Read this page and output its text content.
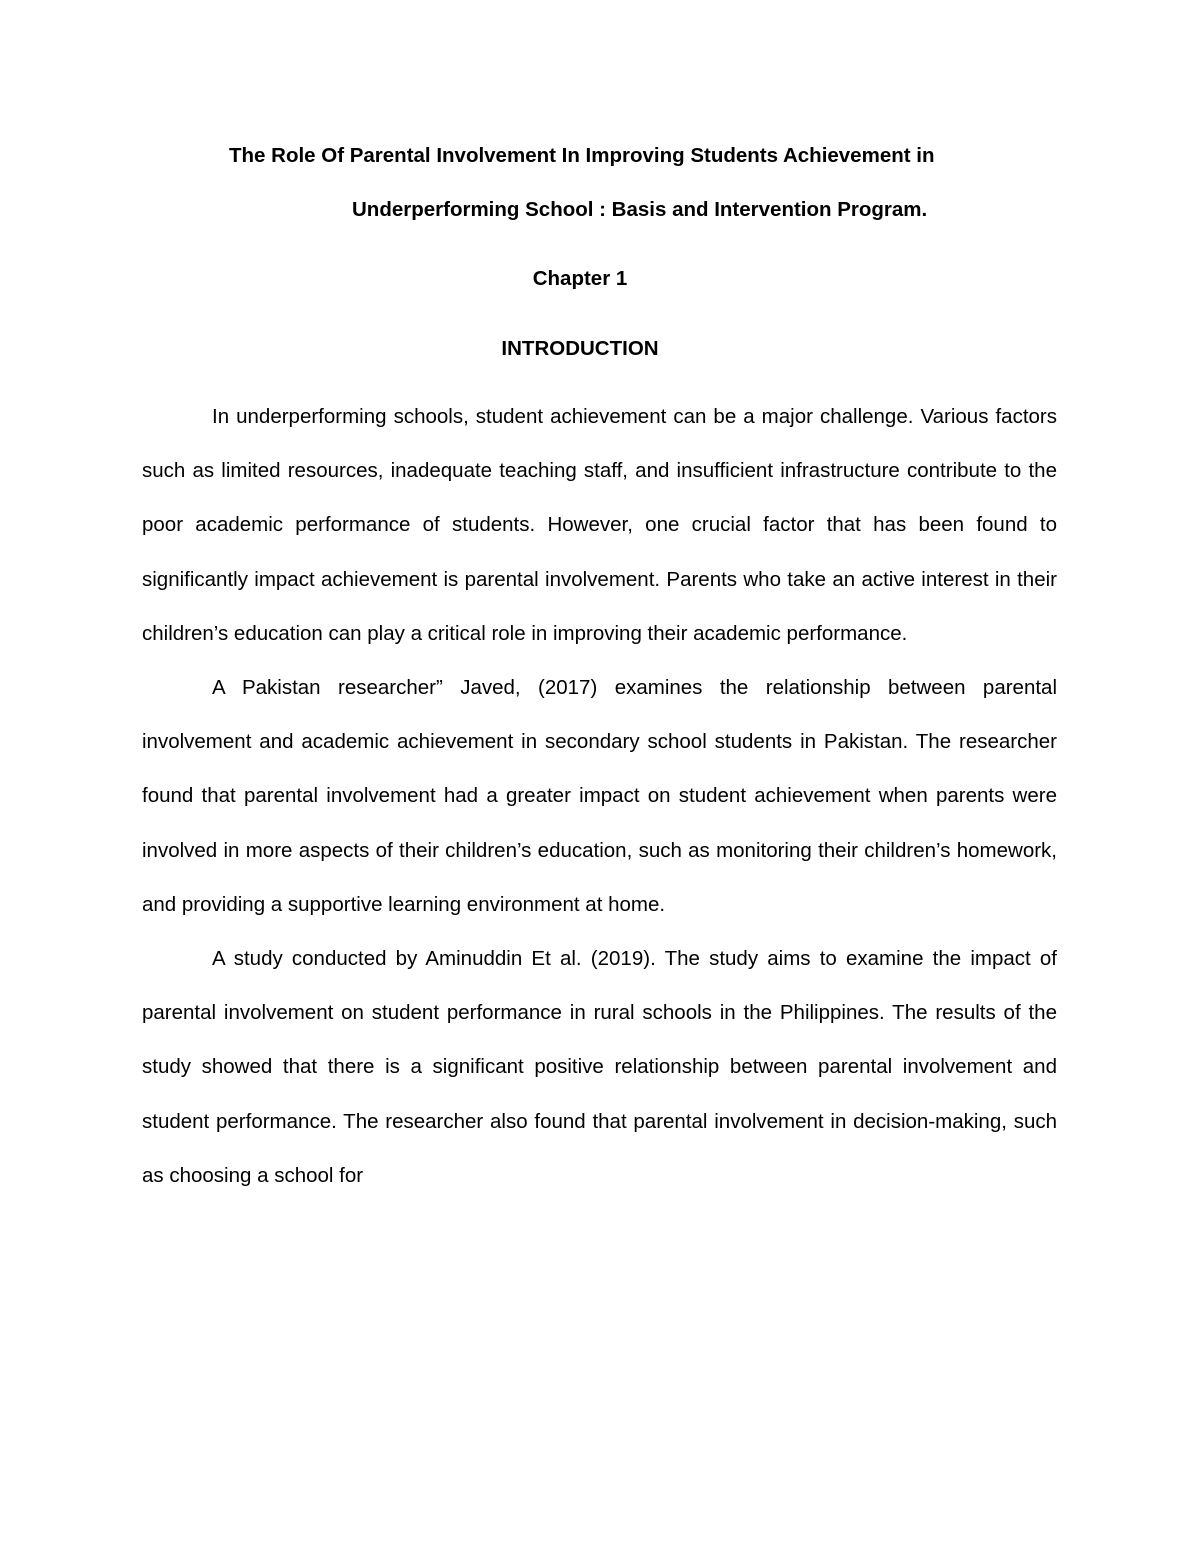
The Role Of Parental Involvement In Improving Students Achievement in
Underperforming School : Basis and Intervention Program.
Chapter 1
INTRODUCTION

In underperforming schools, student achievement can be a major challenge. Various factors such as limited resources, inadequate teaching staff, and insufficient infrastructure contribute to the poor academic performance of students. However, one crucial factor that has been found to significantly impact achievement is parental involvement. Parents who take an active interest in their children’s education can play a critical role in improving their academic performance.

A Pakistan researcher” Javed, (2017) examines the relationship between parental involvement and academic achievement in secondary school students in Pakistan. The researcher found that parental involvement had a greater impact on student achievement when parents were involved in more aspects of their children’s education, such as monitoring their children’s homework, and providing a supportive learning environment at home.

A study conducted by Aminuddin Et al. (2019). The study aims to examine the impact of parental involvement on student performance in rural schools in the Philippines. The results of the study showed that there is a significant positive relationship between parental involvement and student performance. The researcher also found that parental involvement in decision-making, such as choosing a school for
